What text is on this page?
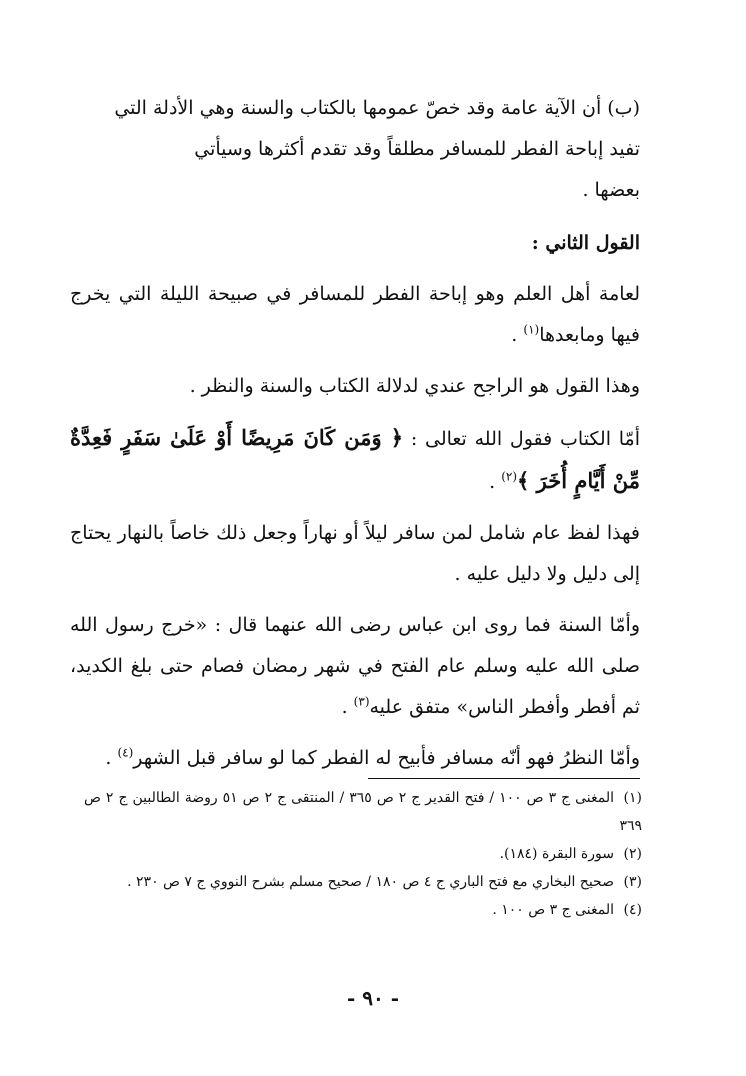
(ب) أن الآية عامة وقد خصّ عمومها بالكتاب والسنة وهي الأدلة التي
تفيد إباحة الفطر للمسافر مطلقاً وقد تقدم أكثرها وسيأتي
بعضها .

القول الثاني :

لعامة أهل العلم وهو إباحة الفطر للمسافر في صبيحة الليلة التي يخرج فيها ومابعدها$^{(١)}$ .

وهذا القول هو الراجح عندي لدلالة الكتاب والسنة والنظر .

أمّا الكتاب فقول الله تعالى : ﴿ وَمَن كَانَ مَرِيضًا أَوْ عَلَىٰ سَفَرٍ فَعِدَّةٌ مِّنْ أَيَّامٍ أُخَرَ ﴾$^{(٢)}$ .

فهذا لفظ عام شامل لمن سافر ليلاً أو نهاراً وجعل ذلك خاصاً بالنهار يحتاج إلى دليل ولا دليل عليه .

وأمّا السنة فما روى ابن عباس رضى الله عنهما قال : «خرج رسول الله صلى الله عليه وسلم عام الفتح في شهر رمضان فصام حتى بلغ الكديد، ثم أفطر وأفطر الناس» متفق عليه$^{(٣)}$ .

وأمّا النظرُ فهو أنّه مسافر فأبيح له الفطر كما لو سافر قبل الشهر$^{(٤)}$ .

(١)المغنى ج ٣ ص ١٠٠ / فتح القدير ج ٢ ص ٣٦٥ / المنتقى ج ٢ ص ٥١ روضة الطالبين ج ٢ ص ٣٦٩

(٢)سورة البقرة (١٨٤).

(٣)صحيح البخاري مع فتح الباري ج ٤ ص ١٨٠ / صحيح مسلم بشرح النووي ج ٧ ص ٢٣٠ .

(٤)المغنى ج ٣ ص ١٠٠ .

- ٩٠ -
